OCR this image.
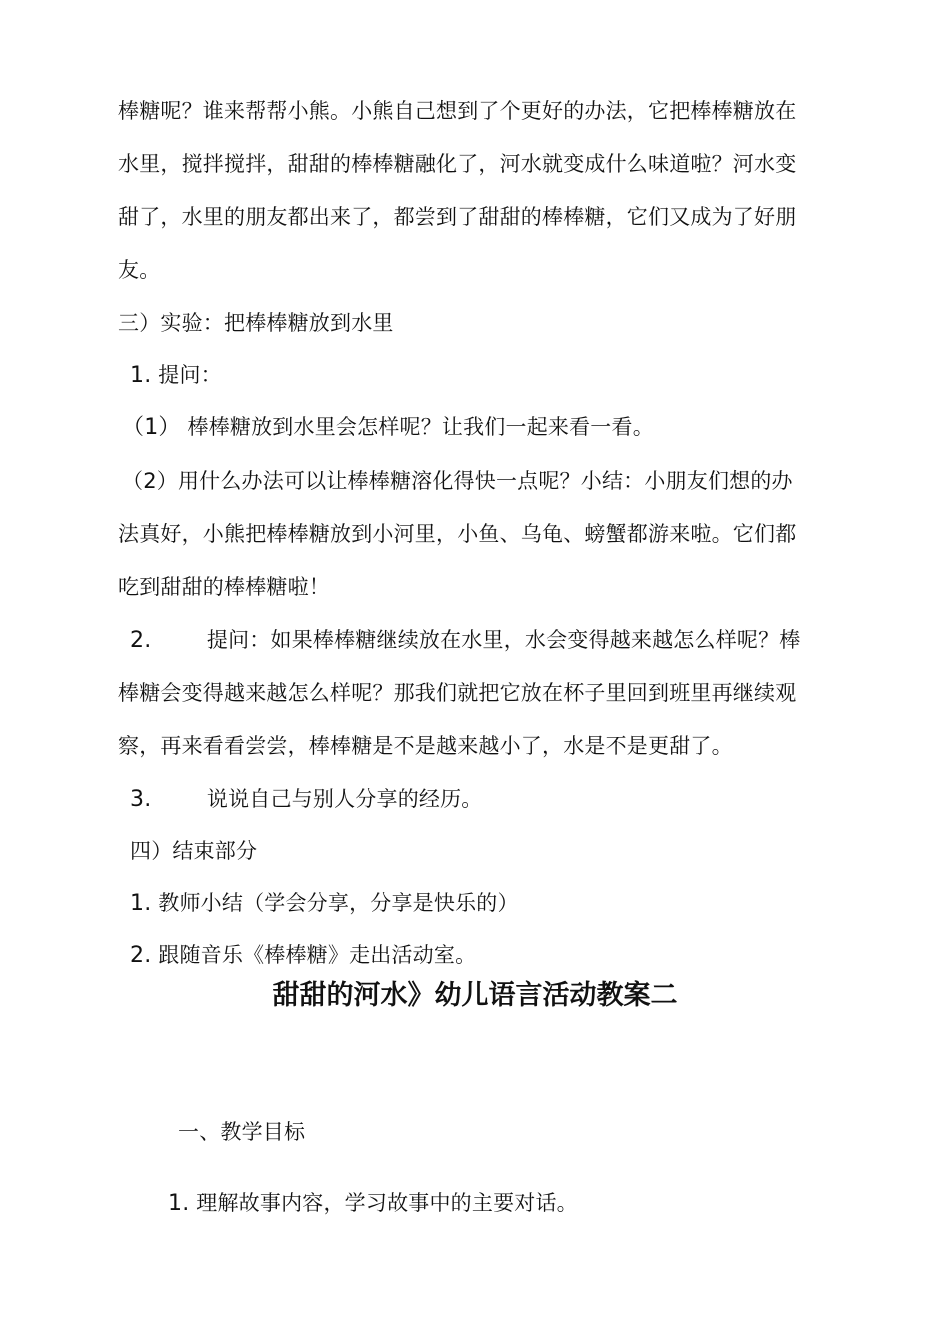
棒糖呢？谁来帮帮小熊。小熊自己想到了个更好的办法，它把棒棒糖放在
水里，搅拌搅拌，甜甜的棒棒糖融化了，河水就变成什么味道啦？河水变
甜了，水里的朋友都出来了，都尝到了甜甜的棒棒糖，它们又成为了好朋
友。
三）实验：把棒棒糖放到水里
1. 提问：
（1） 棒棒糖放到水里会怎样呢？让我们一起来看一看。
（2）用什么办法可以让棒棒糖溶化得快一点呢？小结：小朋友们想的办
法真好，小熊把棒棒糖放到小河里，小鱼、乌龟、螃蟹都游来啦。它们都
吃到甜甜的棒棒糖啦！
2.	提问：如果棒棒糖继续放在水里，水会变得越来越怎么样呢？棒
棒糖会变得越来越怎么样呢？那我们就把它放在杯子里回到班里再继续观
察，再来看看尝尝，棒棒糖是不是越来越小了，水是不是更甜了。
3.	说说自己与别人分享的经历。
四）结束部分
1. 教师小结（学会分享，分享是快乐的）
2. 跟随音乐《棒棒糖》走出活动室。
甜甜的河水》幼儿语言活动教案二
一、教学目标
1. 理解故事内容，学习故事中的主要对话。
